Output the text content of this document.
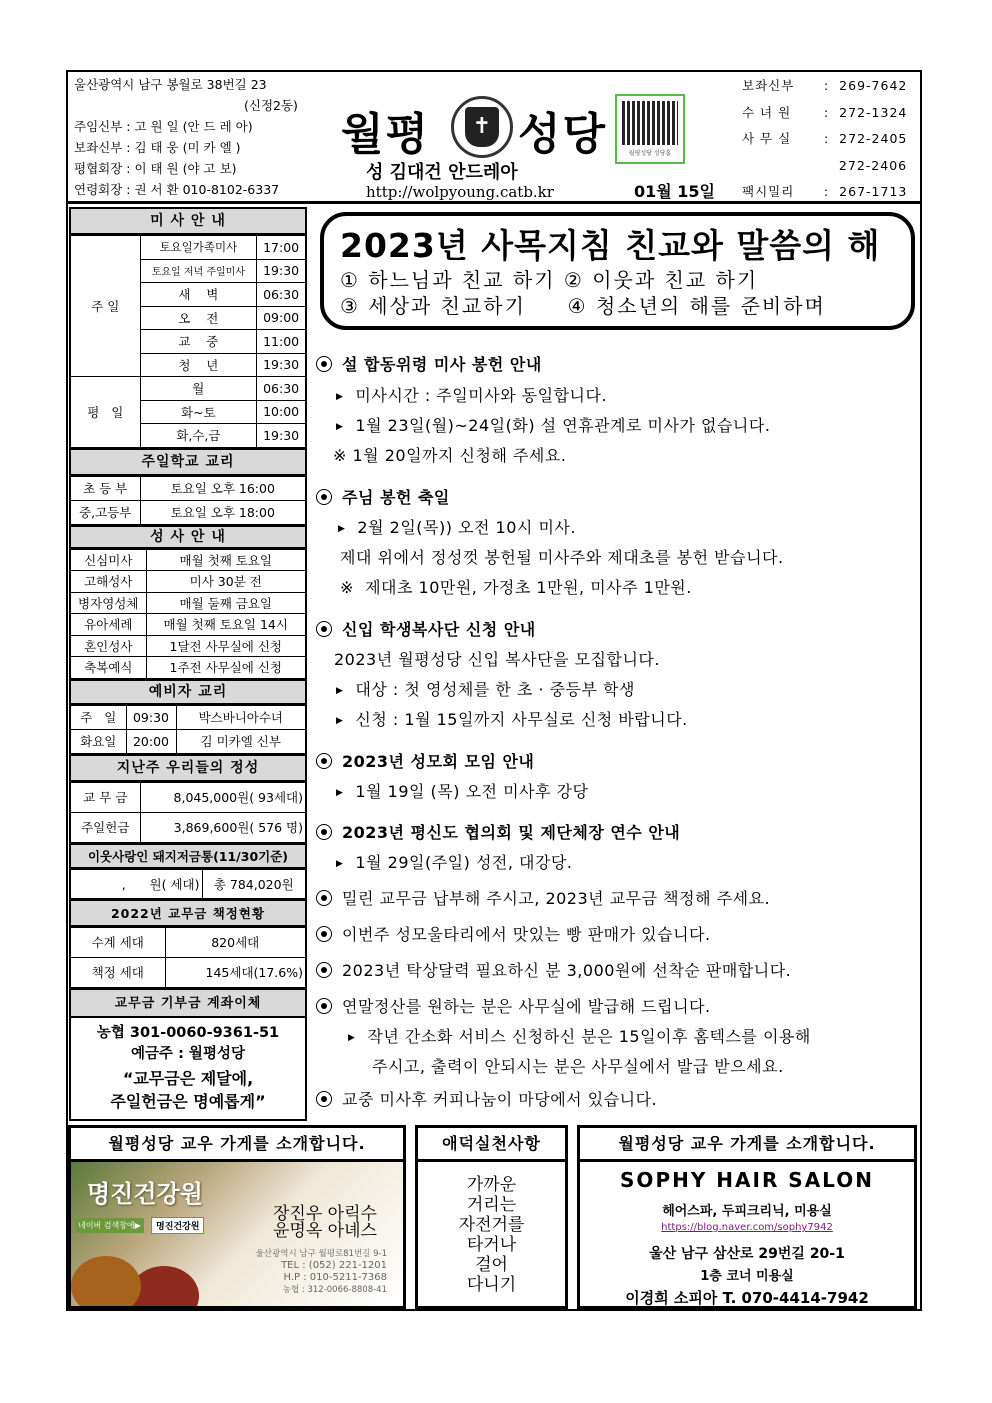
울산광역시 남구 봉월로 38번길 23
(신정2동)
주임신부 : 고 원 일 (안 드 레 아)
보좌신부 : 김 태 웅 (미 카 엘 )
평협회장 : 이 태 원 (야 고 보)
연령회장 : 권 서 환 010-8102-6337
월평	✝ 성당
성 김대건 안드레아
http://wolpyoung.catb.kr
월평성당 성당홈
01월 15일
보좌신부 :  269-7642
수 녀 원	:  272-1324
사 무 실	:  272-2405
272-2406
팩시밀리 :  267-1713
미 사 안 내
주 일	토요일가족미사	17:00
	토요일 저녁 주일미사	19:30
	새    벽	06:30
	오    전	09:00
	교    중	11:00
	청    년	19:30
평   일	월	06:30
	화~토	10:00
	화,수,금	19:30
주일학교 교리
초 등 부	토요일 오후 16:00
중,고등부	토요일 오후 18:00
성 사 안 내
신심미사	매월 첫째 토요일
고해성사	미사 30분 전
병자영성체	매월 둘째 금요일
유아세례	매월 첫째 토요일 14시
혼인성사	1달전 사무실에 신청
축복예식	1주전 사무실에 신청
예비자 교리
주   일	09:30	박스바니아수녀
화요일	20:00	김 미카엘 신부
지난주 우리들의 정성
교 무 금	8,045,000원( 93세대)
주일헌금	3,869,600원( 576 명)
이웃사랑인 돼지저금통(11/30기준)
,      원( 세대)	총 784,020원
2022년 교무금 책정현황
수계 세대	820세대
책정 세대	145세대(17.6%)
교무금 기부금 계좌이체
농협 301-0060-9361-51
예금주 : 월평성당
“교무금은 제달에,
주일헌금은 명예롭게”
2023년 사목지침 친교와 말씀의 해
① 하느님과 친교 하기 ② 이웃과 친교 하기
③ 세상과 친교하기     ④ 청소년의 해를 준비하며
설 합동위령 미사 봉헌 안내
▶ 미사시간 : 주일미사와 동일합니다.
▶ 1월 23일(월)~24일(화) 설 연휴관계로 미사가 없습니다.
※ 1월 20일까지 신청해 주세요.
주님 봉헌 축일
▶ 2월 2일(목)) 오전 10시 미사.
제대 위에서 정성껏 봉헌될 미사주와 제대초를 봉헌 받습니다.
※  제대초 10만원, 가정초 1만원, 미사주 1만원.
신입 학생복사단 신청 안내
2023년 월평성당 신입 복사단을 모집합니다.
▶ 대상 : 첫 영성체를 한 초 · 중등부 학생
▶ 신청 : 1월 15일까지 사무실로 신청 바랍니다.
2023년 성모회 모임 안내
▶ 1월 19일 (목) 오전 미사후 강당
2023년 평신도 협의회 및 제단체장 연수 안내
▶ 1월 29일(주일) 성전, 대강당.
밀린 교무금 납부해 주시고, 2023년 교무금 책정해 주세요.
이번주 성모울타리에서 맛있는 빵 판매가 있습니다.
2023년 탁상달력 필요하신 분 3,000원에 선착순 판매합니다.
연말정산를 원하는 분은 사무실에 발급해 드립니다.
▶ 작년 간소화 서비스 신청하신 분은 15일이후 홈텍스를 이용해
주시고, 출력이 안되시는 분은 사무실에서 발급 받으세요.
교중 미사후 커피나눔이 마당에서 있습니다.
월평성당 교우 가게를 소개합니다.
명진건강원
네이버 검색창에▶	명진건강원
장진우 아릭수
윤명옥 아녜스
울산광역시 남구 월평로81번길 9-1
TEL : (052) 221-1201
H.P : 010-5211-7368
농협 : 312-0066-8808-41
애덕실천사항
가까운
거리는
자전거를
타거나
걸어
다니기
월평성당 교우 가게를 소개합니다.
SOPHY HAIR SALON
헤어스파, 두피크리닉, 미용실
https://blog.naver.com/sophy7942
울산 남구 삼산로 29번길 20-1
1층 코너 미용실
이경희 소피아 T. 070-4414-7942
